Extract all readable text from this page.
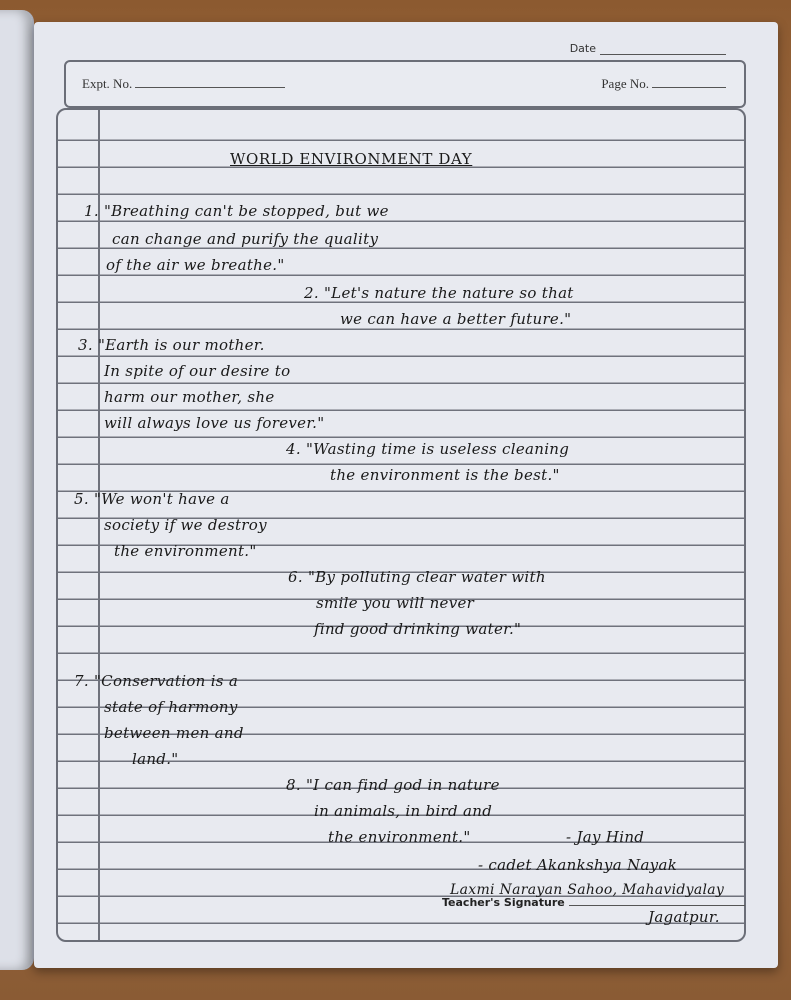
Date
Expt. No.	Page No.
WORLD ENVIRONMENT DAY
1. "Breathing can't be stopped, but we
can change and purify the quality
of the air we breathe."
2. "Let's nature the nature so that
we can have a better future."
3. "Earth is our mother.
In spite of our desire to
harm our mother, she
will always love us forever."
4. "Wasting time is useless cleaning
the environment is the best."
5. "We won't have a
society if we destroy
the environment."
6. "By polluting clear water with
smile you will never
find good drinking water."
7. "Conservation is a
state of harmony
between men and
land."
8. "I can find god in nature
in animals, in bird and
the environment."	- Jay Hind
- cadet Akankshya Nayak
Laxmi Narayan Sahoo, Mahavidyalay
Jagatpur.
Teacher's Signature
